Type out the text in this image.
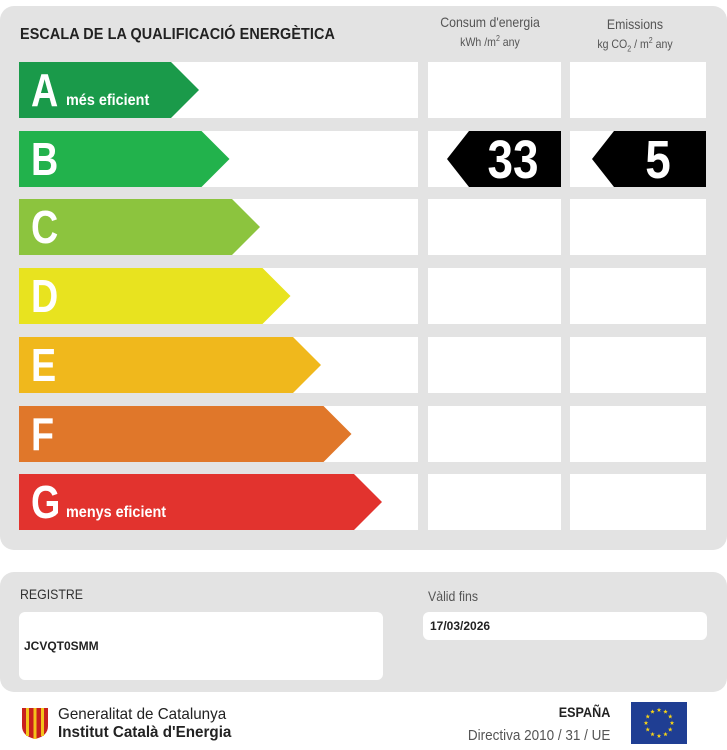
ESCALA DE LA QUALIFICACIÓ ENERGÈTICA
Consum d'energia
kWh $/m^2$ any
Emissions
kg $CO_2 / m^2$ any
A més eficient
B	33	5
C
D
E
F
G menys eficient
REGISTRE	Vàlid fins
JCVQT0SMM
17/03/2026
Generalitat de Catalunya
Institut Català d'Energia
ESPAÑA
Directiva 2010 / 31 / UE
